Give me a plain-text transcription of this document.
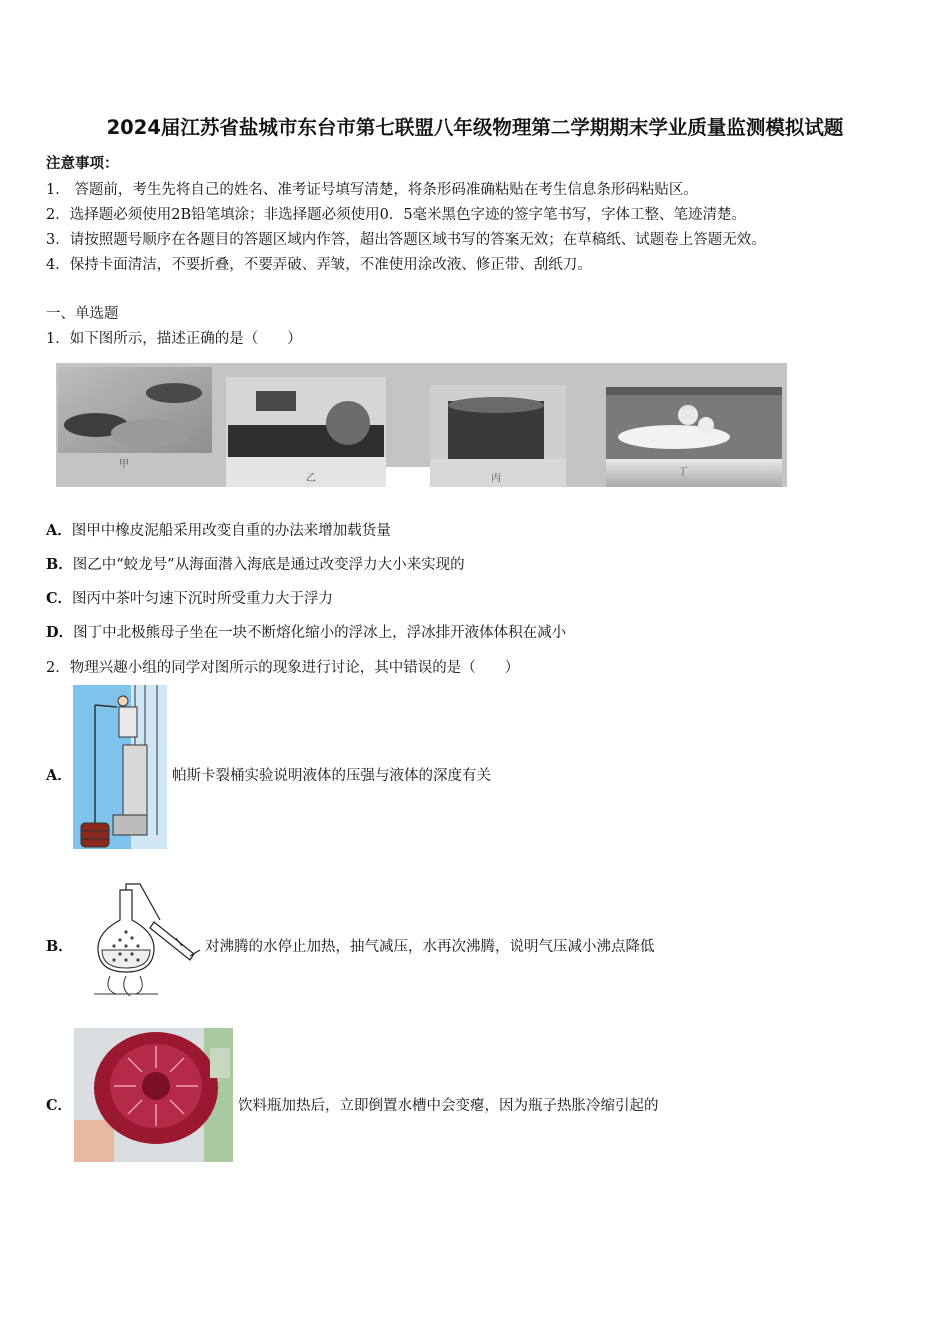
2024届江苏省盐城市东台市第七联盟八年级物理第二学期期末学业质量监测模拟试题
注意事项：
1． 答题前，考生先将自己的姓名、准考证号填写清楚，将条形码准确粘贴在考生信息条形码粘贴区。
2．选择题必须使用2B铅笔填涂；非选择题必须使用0．5毫米黑色字迹的签字笔书写，字体工整、笔迹清楚。
3．请按照题号顺序在各题目的答题区域内作答，超出答题区域书写的答案无效；在草稿纸、试题卷上答题无效。
4．保持卡面清洁，不要折叠，不要弄破、弄皱，不准使用涂改液、修正带、刮纸刀。
一、单选题
1．如下图所示，描述正确的是（　　）
甲
乙	丙
丁
A．图甲中橡皮泥船采用改变自重的办法来增加载货量
B．图乙中“蛟龙号”从海面潜入海底是通过改变浮力大小来实现的
C．图丙中茶叶匀速下沉时所受重力大于浮力
D．图丁中北极熊母子坐在一块不断熔化缩小的浮冰上，浮冰排开液体体积在减小
2．物理兴趣小组的同学对图所示的现象进行讨论，其中错误的是（　　）
A．	帕斯卡裂桶实验说明液体的压强与液体的深度有关
B．	对沸腾的水停止加热，抽气减压，水再次沸腾，说明气压减小沸点降低
C．	饮料瓶加热后，立即倒置水槽中会变瘪，因为瓶子热胀冷缩引起的
